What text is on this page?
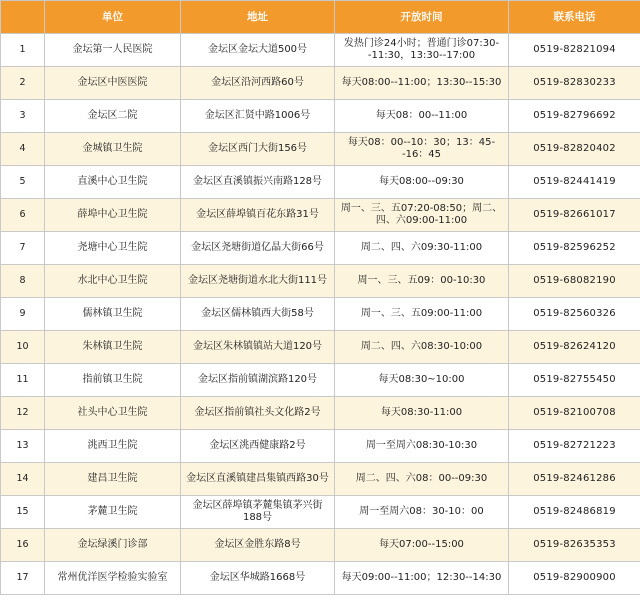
	单位	地址	开放时间	联系电话
1	金坛第一人民医院	金坛区金坛大道500号	发热门诊24小时；普通门诊07:30--11:30，13:30--17:00	0519-82821094
2	金坛区中医医院	金坛区沿河西路60号	每天08:00--11:00；13:30--15:30	0519-82830233
3	金坛区二院	金坛区汇贤中路1006号	每天08：00--11:00	0519-82796692
4	金城镇卫生院	金坛区西门大街156号	每天08：00--10：30；13：45--16：45	0519-82820402
5	直溪中心卫生院	金坛区直溪镇振兴南路128号	每天08:00--09:30	0519-82441419
6	薛埠中心卫生院	金坛区薛埠镇百花东路31号	周一、三、五07:20-08:50；周二、四、六09:00-11:00	0519-82661017
7	尧塘中心卫生院	金坛区尧塘街道亿晶大街66号	周二、四、六09:30-11:00	0519-82596252
8	水北中心卫生院	金坛区尧塘街道水北大街111号	周一、三、五09：00-10:30	0519-68082190
9	儒林镇卫生院	金坛区儒林镇西大街58号	周一、三、五09:00-11:00	0519-82560326
10	朱林镇卫生院	金坛区朱林镇镇站大道120号	周二、四、六08:30-10:00	0519-82624120
11	指前镇卫生院	金坛区指前镇湖滨路120号	每天08:30~10:00	0519-82755450
12	社头中心卫生院	金坛区指前镇社头文化路2号	每天08:30-11:00	0519-82100708
13	洮西卫生院	金坛区洮西健康路2号	周一至周六08:30-10:30	0519-82721223
14	建昌卫生院	金坛区直溪镇建昌集镇西路30号	周二、四、六08：00--09:30	0519-82461286
15	茅麓卫生院	金坛区薛埠镇茅麓集镇茅兴街188号	周一至周六08：30-10：00	0519-82486819
16	金坛绿溪门诊部	金坛区金胜东路8号	每天07:00--15:00	0519-82635353
17	常州优洋医学检验实验室	金坛区华城路1668号	每天09:00--11:00；12:30--14:30	0519-82900900
